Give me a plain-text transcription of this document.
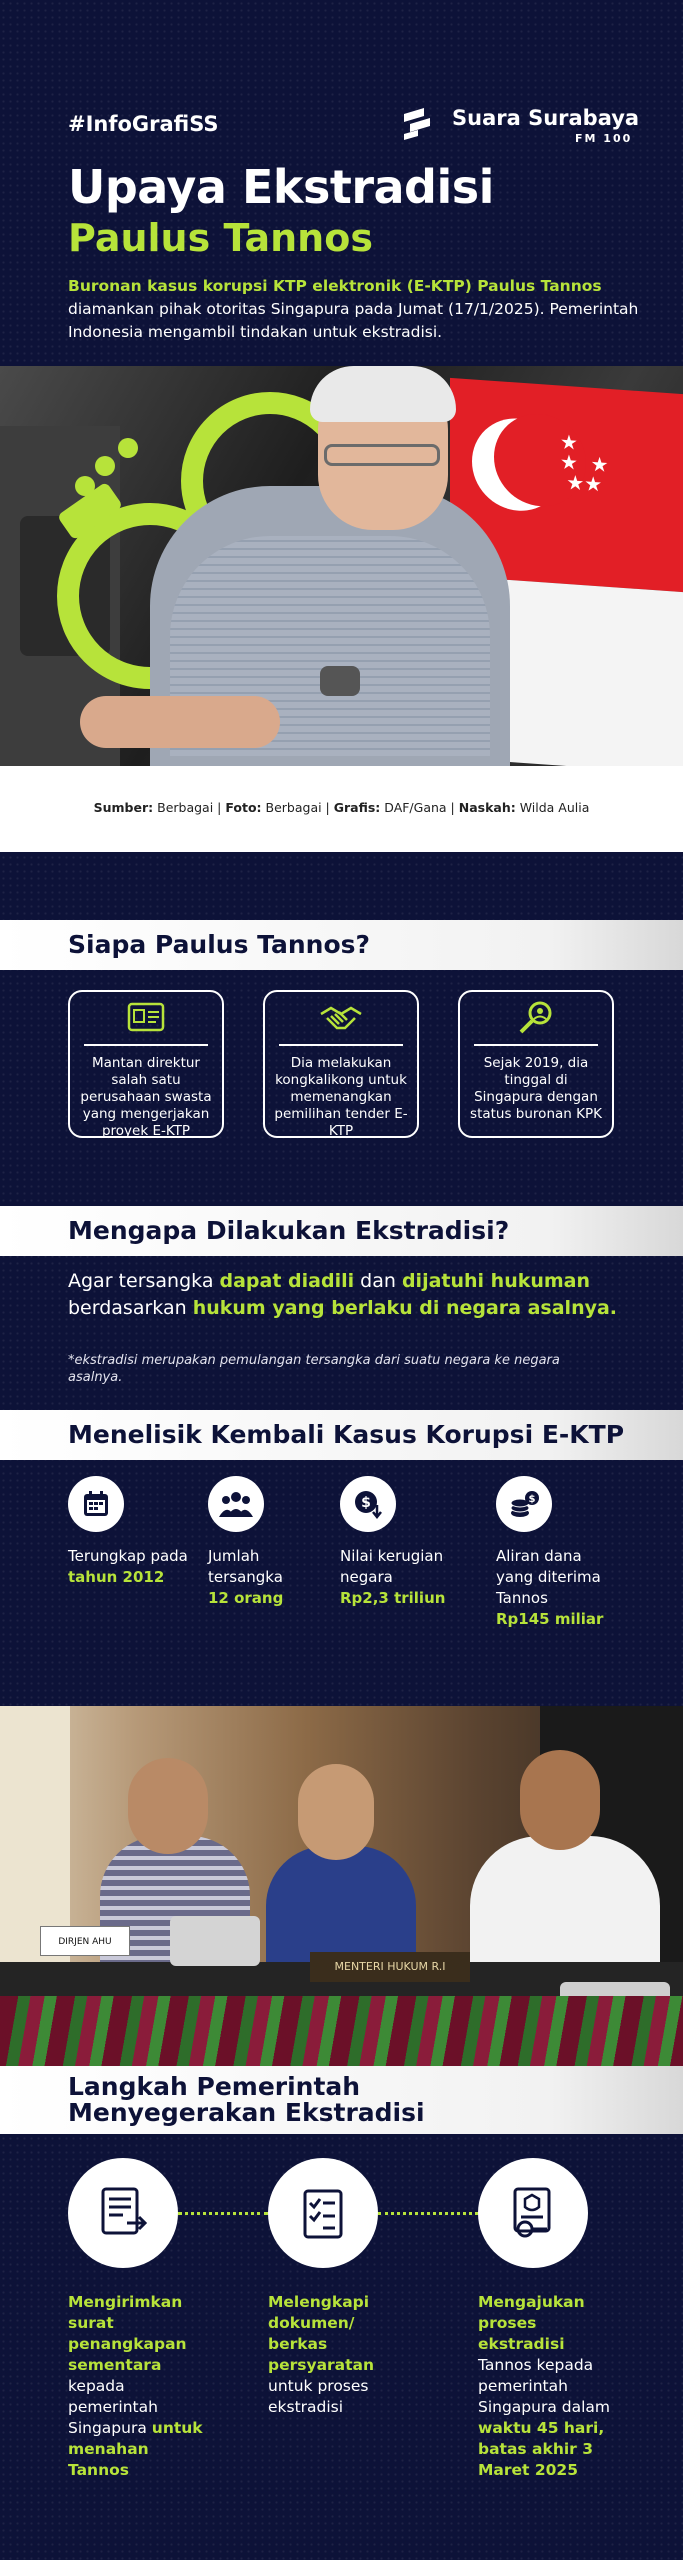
#InfoGrafiSS	Suara Surabaya
FM 100
Upaya Ekstradisi
Paulus Tannos
Buronan kasus korupsi KTP elektronik (E-KTP) Paulus Tannos diamankan pihak otoritas Singapura pada Jumat (17/1/2025). Pemerintah Indonesia mengambil tindakan untuk ekstradisi.
★
★  ★
★★
Sumber: Berbagai | Foto: Berbagai | Grafis: DAF/Gana | Naskah: Wilda Aulia
Siapa Paulus Tannos?
Mantan direktur salah satu perusahaan swasta yang mengerjakan proyek E-KTP
Dia melakukan kongkalikong untuk memenangkan pemilihan tender E-KTP
Sejak 2019, dia tinggal di Singapura dengan status buronan KPK
Mengapa Dilakukan Ekstradisi?
Agar tersangka dapat diadili dan dijatuhi hukuman berdasarkan hukum yang berlaku di negara asalnya.
*ekstradisi merupakan pemulangan tersangka dari suatu negara ke negara asalnya.
Menelisik Kembali Kasus Korupsi E-KTP
Terungkap pada
tahun 2012
Jumlah tersangka
12 orang
$
Nilai kerugian negara
Rp2,3 triliun
$
Aliran dana yang diterima Tannos
Rp145 miliar
DIRJEN AHU
MENTERI HUKUM R.I
Langkah Pemerintah
Menyegerakan Ekstradisi
Mengirimkan surat penangkapan sementara kepada pemerintah Singapura untuk menahan Tannos
Melengkapi dokumen/ berkas persyaratan untuk proses ekstradisi
Mengajukan proses ekstradisi Tannos kepada pemerintah Singapura dalam waktu 45 hari, batas akhir 3 Maret 2025
